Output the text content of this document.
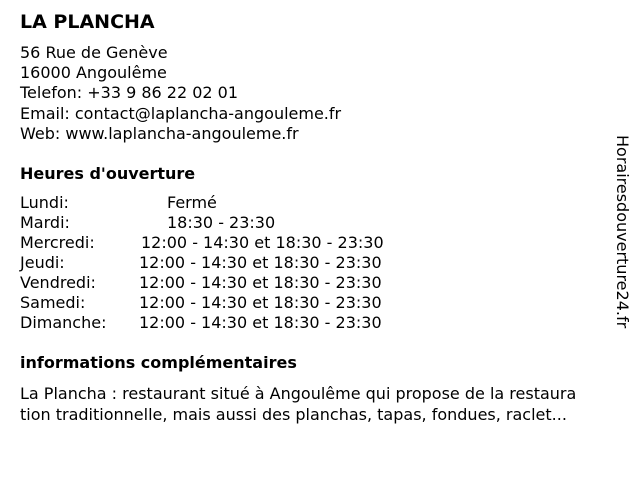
LA PLANCHA
56 Rue de Genève
16000 Angoulême
Telefon: +33 9 86 22 02 01
Email: contact@laplancha-angouleme.fr
Web: www.laplancha-angouleme.fr
Heures d'ouverture
Lundi:	Fermé
Mardi:	18:30 - 23:30
Mercredi:	12:00 - 14:30 et 18:30 - 23:30
Jeudi:	12:00 - 14:30 et 18:30 - 23:30
Vendredi:	12:00 - 14:30 et 18:30 - 23:30
Samedi:	12:00 - 14:30 et 18:30 - 23:30
Dimanche: 12:00 - 14:30 et 18:30 - 23:30
informations complémentaires
La Plancha : restaurant situé à Angoulême qui propose de la restaura
tion traditionnelle, mais aussi des planchas, tapas, fondues, raclet...
Horairesdouverture24.fr
